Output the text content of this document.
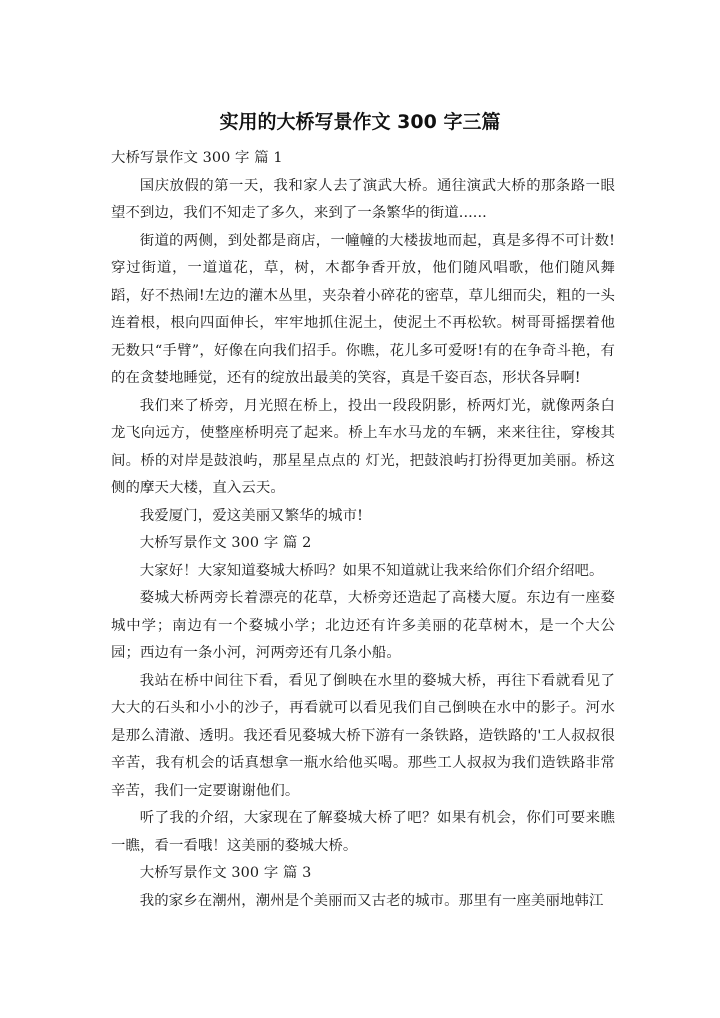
实用的大桥写景作文 300 字三篇

大桥写景作文 300 字 篇 1

国庆放假的第一天，我和家人去了演武大桥。通往演武大桥的那条路一眼望不到边，我们不知走了多久，来到了一条繁华的街道......

街道的两侧，到处都是商店，一幢幢的大楼拔地而起，真是多得不可计数!穿过街道，一道道花，草，树，木都争香开放，他们随风唱歌，他们随风舞蹈，好不热闹!左边的灌木丛里，夹杂着小碎花的密草，草儿细而尖，粗的一头连着根，根向四面伸长，牢牢地抓住泥土，使泥土不再松软。树哥哥摇摆着他无数只“手臂”，好像在向我们招手。你瞧，花儿多可爱呀!有的在争奇斗艳，有的在贪婪地睡觉，还有的绽放出最美的笑容，真是千姿百态，形状各异啊!

我们来了桥旁，月光照在桥上，投出一段段阴影，桥两灯光，就像两条白龙飞向远方，使整座桥明亮了起来。桥上车水马龙的车辆，来来往往，穿梭其间。桥的对岸是鼓浪屿，那星星点点的 灯光，把鼓浪屿打扮得更加美丽。桥这侧的摩天大楼，直入云天。

我爱厦门，爱这美丽又繁华的城市!

大桥写景作文 300 字 篇 2

大家好！大家知道婺城大桥吗？如果不知道就让我来给你们介绍介绍吧。

婺城大桥两旁长着漂亮的花草，大桥旁还造起了高楼大厦。东边有一座婺城中学；南边有一个婺城小学；北边还有许多美丽的花草树木，是一个大公园；西边有一条小河，河两旁还有几条小船。

我站在桥中间往下看，看见了倒映在水里的婺城大桥，再往下看就看见了大大的石头和小小的沙子，再看就可以看见我们自己倒映在水中的影子。河水是那么清澈、透明。我还看见婺城大桥下游有一条铁路，造铁路的'工人叔叔很辛苦，我有机会的话真想拿一瓶水给他买喝。那些工人叔叔为我们造铁路非常辛苦，我们一定要谢谢他们。

听了我的介绍，大家现在了解婺城大桥了吧？如果有机会，你们可要来瞧一瞧，看一看哦！这美丽的婺城大桥。

大桥写景作文 300 字 篇 3

我的家乡在潮州，潮州是个美丽而又古老的城市。那里有一座美丽地韩江
